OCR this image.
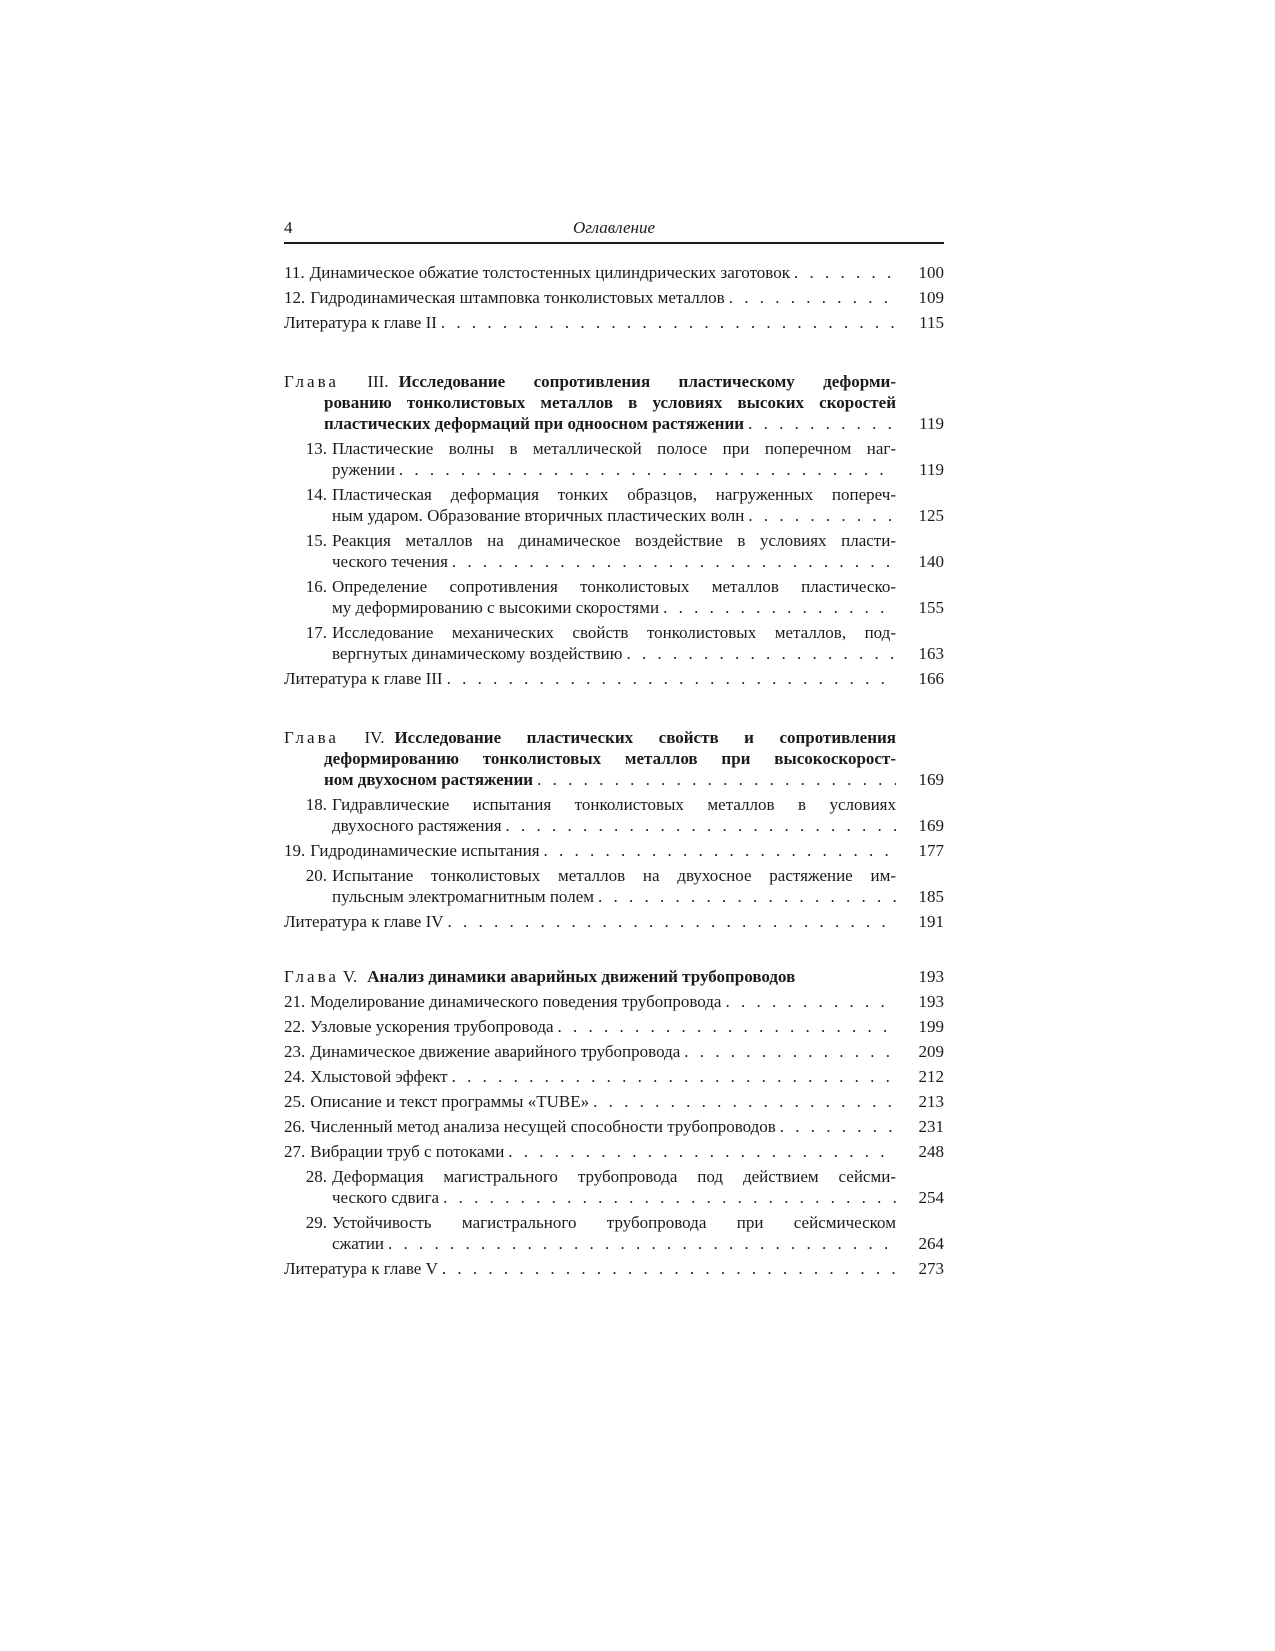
4	Оглавление
11. Динамическое обжатие толстостенных цилиндрических заготовок . . .	100
12. Гидродинамическая штамповка тонколистовых металлов . . .	109
Литература к главе II . . .	115
Глава III. Исследование сопротивления пластическому деформи-
рованию тонколистовых металлов в условиях высоких скоростей
пластических деформаций при одноосном растяжении . . .	119
13. Пластические волны в металлической полосе при поперечном наг-
ружении . . .	119
14. Пластическая деформация тонких образцов, нагруженных попереч-
ным ударом. Образование вторичных пластических волн . . .	125
15. Реакция металлов на динамическое воздействие в условиях пласти-
ческого течения . . .	140
16. Определение сопротивления тонколистовых металлов пластическо-
му деформированию с высокими скоростями . . .	155
17. Исследование механических свойств тонколистовых металлов, под-
вергнутых динамическому воздействию . . .	163
Литература к главе III . . .	166
Глава IV. Исследование пластических свойств и сопротивления
деформированию тонколистовых металлов при высокоскорост-
ном двухосном растяжении . . .	169
18. Гидравлические испытания тонколистовых металлов в условиях
двухосного растяжения . . .	169
19. Гидродинамические испытания . . .	177
20. Испытание тонколистовых металлов на двухосное растяжение им-
пульсным электромагнитным полем . . .	185
Литература к главе IV . . .	191
Глава V. Анализ динамики аварийных движений трубопроводов	193
21. Моделирование динамического поведения трубопровода . . .	193
22. Узловые ускорения трубопровода . . .	199
23. Динамическое движение аварийного трубопровода . . .	209
24. Хлыстовой эффект . . .	212
25. Описание и текст программы «TUBE» . . .	213
26. Численный метод анализа несущей способности трубопроводов . . .	231
27. Вибрации труб с потоками . . .	248
28. Деформация магистрального трубопровода под действием сейсми-
ческого сдвига . . .	254
29. Устойчивость магистрального трубопровода при сейсмическом
сжатии . . .	264
Литература к главе V . . .	273
